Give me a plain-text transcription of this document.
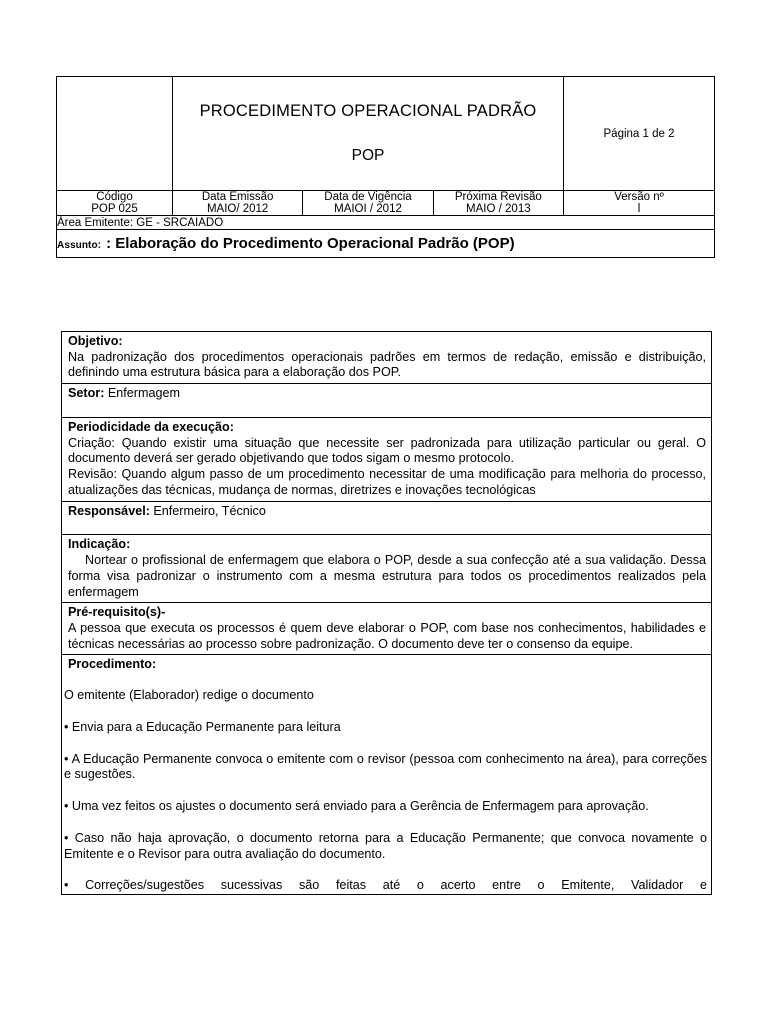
	PROCEDIMENTO OPERACIONAL PADRÃO
POP			Página 1 de 2

Código	Data Emissão	Data de Vigência	Próxima Revisão	Versão nº
POP 025	MAIO/ 2012	MAIOI / 2012	MAIO / 2013	l
Área Emitente: GE - SRCAIADO				
Assunto: : Elaboração do Procedimento Operacional Padrão (POP)				
Objetivo:
Na padronização dos procedimentos operacionais padrões em termos de redação, emissão e distribuição, definindo uma estrutura básica para a elaboração dos POP.
Setor: Enfermagem

Periodicidade da execução:
Criação: Quando existir uma situação que necessite ser padronizada para utilização particular ou geral. O documento deverá ser gerado objetivando que todos sigam o mesmo protocolo.
Revisão: Quando algum passo de um procedimento necessitar de uma modificação para melhoria do processo, atualizações das técnicas, mudança de normas, diretrizes e inovações tecnológicas

Responsável: Enfermeiro, Técnico

Indicação:
Nortear o profissional de enfermagem que elabora o POP, desde a sua confecção até a sua validação. Dessa forma visa padronizar o instrumento com a mesma estrutura para todos os procedimentos realizados pela enfermagem

Pré-requisito(s)-
A pessoa que executa os processos é quem deve elaborar o POP, com base nos conhecimentos, habilidades e técnicas necessárias ao processo sobre padronização. O documento deve ter o consenso da equipe.

Procedimento:
O emitente (Elaborador) redige o documento
• Envia para a Educação Permanente para leitura
• A Educação Permanente convoca o emitente com o revisor (pessoa com conhecimento na área), para correções e sugestões.
• Uma vez feitos os ajustes o documento será enviado para a Gerência de Enfermagem para aprovação.
• Caso não haja aprovação, o documento retorna para a Educação Permanente; que convoca novamente o Emitente e o Revisor para outra avaliação do documento.
• Correções/sugestões sucessivas são feitas até o acerto entre o Emitente, Validador e
